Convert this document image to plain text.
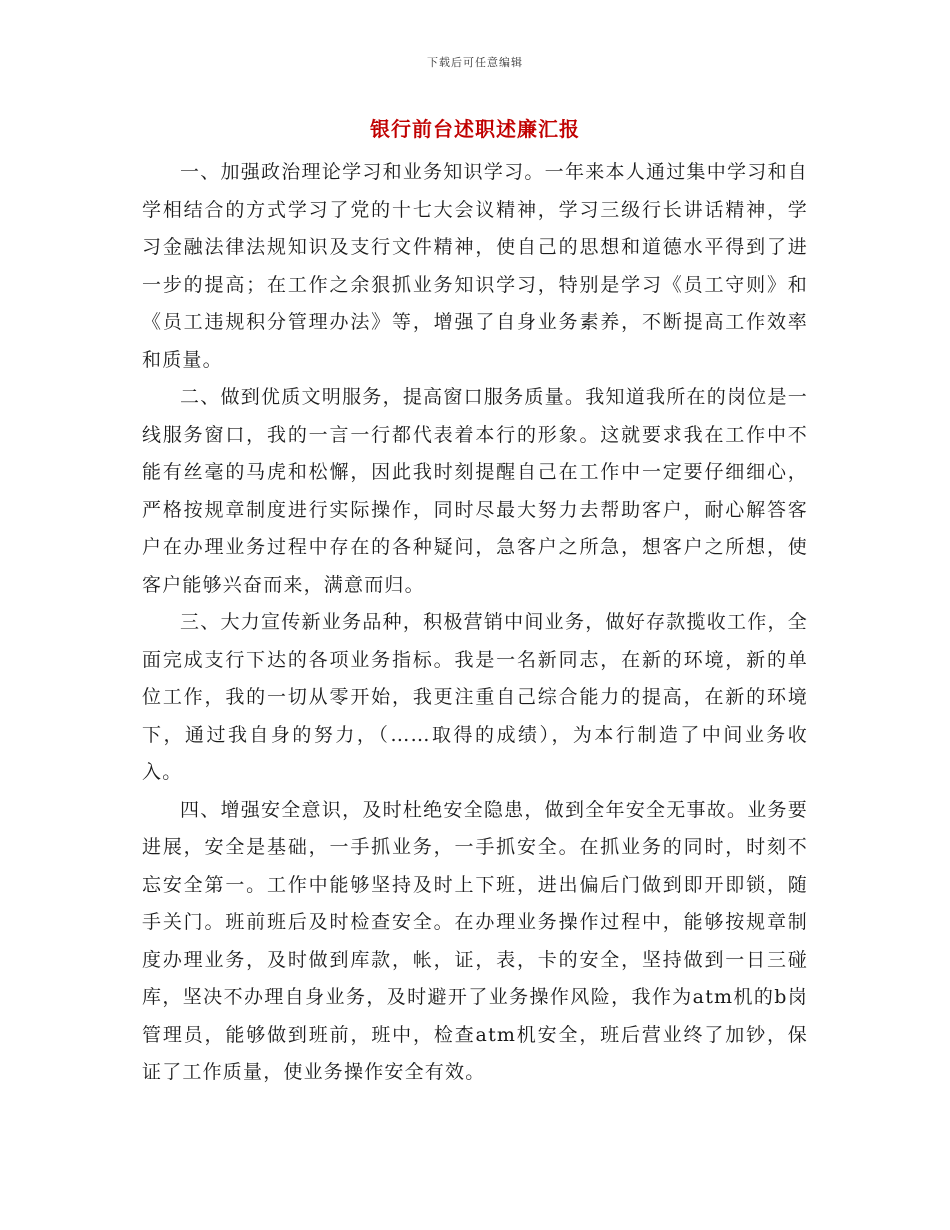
下载后可任意编辑
银行前台述职述廉汇报

一、加强政治理论学习和业务知识学习。一年来本人通过集中学习和自学相结合的方式学习了党的十七大会议精神，学习三级行长讲话精神，学习金融法律法规知识及支行文件精神，使自己的思想和道德水平得到了进一步的提高；在工作之余狠抓业务知识学习，特别是学习《员工守则》和《员工违规积分管理办法》等，增强了自身业务素养，不断提高工作效率和质量。

二、做到优质文明服务，提高窗口服务质量。我知道我所在的岗位是一线服务窗口，我的一言一行都代表着本行的形象。这就要求我在工作中不能有丝毫的马虎和松懈，因此我时刻提醒自己在工作中一定要仔细细心，严格按规章制度进行实际操作，同时尽最大努力去帮助客户，耐心解答客户在办理业务过程中存在的各种疑问，急客户之所急，想客户之所想，使客户能够兴奋而来，满意而归。

三、大力宣传新业务品种，积极营销中间业务，做好存款揽收工作，全面完成支行下达的各项业务指标。我是一名新同志，在新的环境，新的单位工作，我的一切从零开始，我更注重自己综合能力的提高，在新的环境下，通过我自身的努力，（……取得的成绩），为本行制造了中间业务收入。

四、增强安全意识，及时杜绝安全隐患，做到全年安全无事故。业务要进展，安全是基础，一手抓业务，一手抓安全。在抓业务的同时，时刻不忘安全第一。工作中能够坚持及时上下班，进出偏后门做到即开即锁，随手关门。班前班后及时检查安全。在办理业务操作过程中，能够按规章制度办理业务，及时做到库款，帐，证，表，卡的安全，坚持做到一日三碰库，坚决不办理自身业务，及时避开了业务操作风险，我作为atm机的b岗管理员，能够做到班前，班中，检查atm机安全，班后营业终了加钞，保证了工作质量，使业务操作安全有效。
